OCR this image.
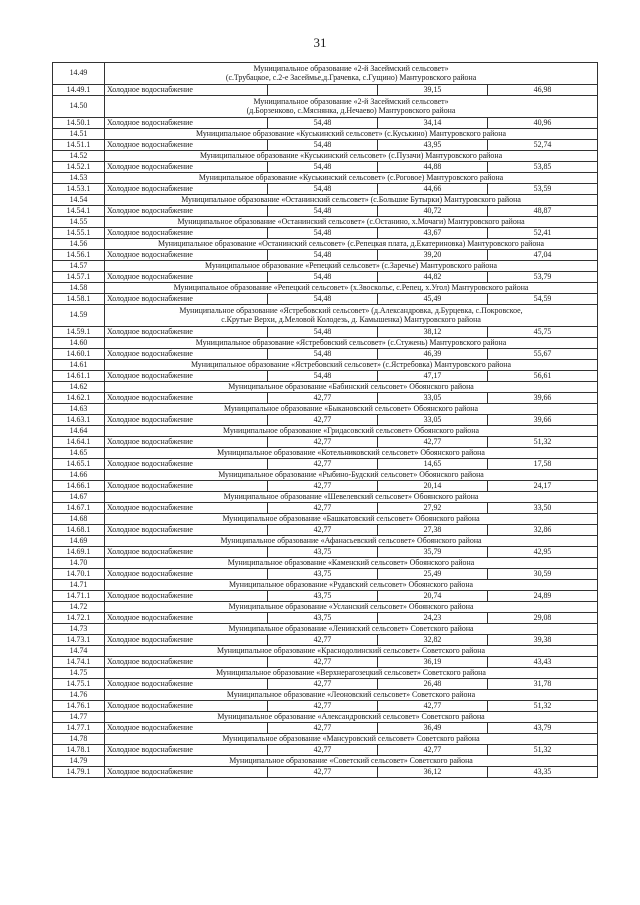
31
14.49	Муниципальное образование «2-й Засеймский сельсовет»
(с.Трубацкое, с.2-е Засеймье,д.Грачевка, с.Гущино) Мантуровского района				

14.49.1	Холодное водоснабжение		39,15	46,98	
14.50	Муниципальное образование «2-й Засеймский сельсовет»
(д.Борзенково, с.Мяснянка, д.Нечаево) Мантуровского района				

14.50.1	Холодное водоснабжение	54,48	34,14	40,96	
14.51	Муниципальное образование «Куськинский сельсовет» (с.Куськино) Мантуровского района				

14.51.1	Холодное водоснабжение	54,48	43,95	52,74	
14.52	Муниципальное образование «Куськинский сельсовет» (с.Пузачи) Мантуровского района				

14.52.1	Холодное водоснабжение	54,48	44,88	53,85	
14.53	Муниципальное образование «Куськинский сельсовет» (с.Роговое) Мантуровского района				

14.53.1	Холодное водоснабжение	54,48	44,66	53,59	
14.54	Муниципальное образование «Останинский сельсовет» (с.Большие Бутырки) Мантуровского района				

14.54.1	Холодное водоснабжение	54,48	40,72	48,87	
14.55	Муниципальное образование «Останинский сельсовет» (с.Останино, х.Мочаги) Мантуровского района				

14.55.1	Холодное водоснабжение	54,48	43,67	52,41	
14.56	Муниципальное образование «Останинский сельсовет» (с.Репецкая плата, д.Екатериновка) Мантуровского района				

14.56.1	Холодное водоснабжение	54,48	39,20	47,04	
14.57	Муниципальное образование «Репецкий сельсовет» (с.Заречье) Мантуровского района				

14.57.1	Холодное водоснабжение	54,48	44,82	53,79	
14.58	Муниципальное образование «Репецкий сельсовет» (х.Звоскольє, с.Репец, х.Угол) Мантуровского района				

14.58.1	Холодное водоснабжение	54,48	45,49	54,59	
14.59	Муниципальное образование «Ястребовский сельсовет» (д.Александровка, д.Бурцевка, с.Покровское,
с.Крутые Верхи, д.Меловой Колодезь, д. Камышенка) Мантуровского района				

14.59.1	Холодное водоснабжение	54,48	38,12	45,75	
14.60	Муниципальное образование «Ястребовский сельсовет» (с.Стужень) Мантуровского района				

14.60.1	Холодное водоснабжение	54,48	46,39	55,67	
14.61	Муниципальное образование «Ястребовский сельсовет» (с.Ястребовка) Мантуровского района				

14.61.1	Холодное водоснабжение	54,48	47,17	56,61	
14.62	Муниципальное образование «Бабинский сельсовет» Обоянского района				

14.62.1	Холодное водоснабжение	42,77	33,05	39,66	
14.63	Муниципальное образование «Быкановский сельсовет» Обоянского района				

14.63.1	Холодное водоснабжение	42,77	33,05	39,66	
14.64	Муниципальное образование «Гридасовский сельсовет» Обоянского района				

14.64.1	Холодное водоснабжение	42,77	42,77	51,32	
14.65	Муниципальное образование «Котельниковский сельсовет» Обоянского района				

14.65.1	Холодное водоснабжение	42,77	14,65	17,58	
14.66	Муниципальное образование «Рыбино-Будский сельсовет» Обоянского района				

14.66.1	Холодное водоснабжение	42,77	20,14	24,17	
14.67	Муниципальное образование «Шевелевский сельсовет» Обоянского района				

14.67.1	Холодное водоснабжение	42,77	27,92	33,50	
14.68	Муниципальное образование «Башкатовский сельсовет» Обоянского района				

14.68.1	Холодное водоснабжение	42,77	27,38	32,86	
14.69	Муниципальное образование «Афанасьевский сельсовет» Обоянского района				

14.69.1	Холодное водоснабжение	43,75	35,79	42,95	
14.70	Муниципальное образование «Каменский сельсовет» Обоянского района				

14.70.1	Холодное водоснабжение	43,75	25,49	30,59	
14.71	Муниципальное образование «Рудавский сельсовет» Обоянского района				

14.71.1	Холодное водоснабжение	43,75	20,74	24,89	
14.72	Муниципальное образование «Усланский сельсовет» Обоянского района				

14.72.1	Холодное водоснабжение	43,75	24,23	29,08	
14.73	Муниципальное образование «Ленинский сельсовет» Советского района				

14.73.1	Холодное водоснабжение	42,77	32,82	39,38	
14.74	Муниципальное образование «Краснодолинский сельсовет» Советского района				

14.74.1	Холодное водоснабжение	42,77	36,19	43,43	
14.75	Муниципальное образование «Верхнерагозецкий сельсовет» Советского района				

14.75.1	Холодное водоснабжение	42,77	26,48	31,78	
14.76	Муниципальное образование «Леоновский сельсовет» Советского района				

14.76.1	Холодное водоснабжение	42,77	42,77	51,32	
14.77	Муниципальное образование «Александровский сельсовет» Советского района				

14.77.1	Холодное водоснабжение	42,77	36,49	43,79	
14.78	Муниципальное образование «Мансуровский сельсовет» Советского района				

14.78.1	Холодное водоснабжение	42,77	42,77	51,32	
14.79	Муниципальное образование «Советский сельсовет» Советского района				

14.79.1	Холодное водоснабжение	42,77	36,12	43,35	
